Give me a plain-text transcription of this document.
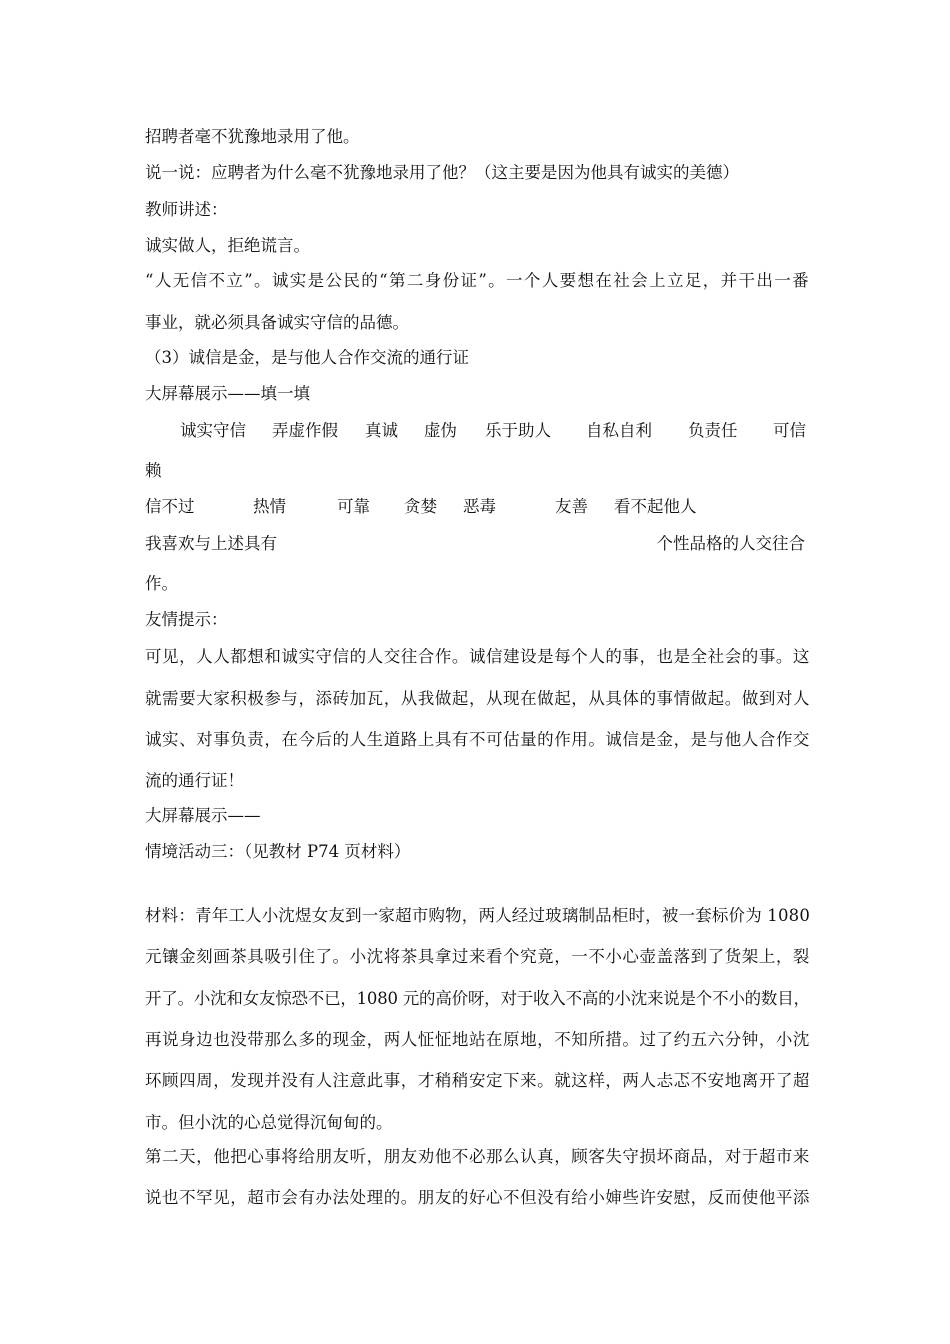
招聘者毫不犹豫地录用了他。
说一说：应聘者为什么毫不犹豫地录用了他？（这主要是因为他具有诚实的美德）
教师讲述：
诚实做人，拒绝谎言。
“人无信不立”。诚实是公民的“第二身份证”。一个人要想在社会上立足，并干出一番
事业，就必须具备诚实守信的品德。
（3）诚信是金，是与他人合作交流的通行证
大屏幕展示——填一填
诚实守信 弄虚作假 真诚 虚伪 乐于助人 自私自利 负责任 可信
赖
信不过	热情	可靠 贪婪 恶毒	友善 看不起他人
我喜欢与上述具有	个性品格的人交往合
作。
友情提示：
可见，人人都想和诚实守信的人交往合作。诚信建设是每个人的事，也是全社会的事。这
就需要大家积极参与，添砖加瓦，从我做起，从现在做起，从具体的事情做起。做到对人
诚实、对事负责，在今后的人生道路上具有不可估量的作用。诚信是金，是与他人合作交
流的通行证！
大屏幕展示——
情境活动三：（见教材 P74 页材料）
材料：青年工人小沈煜女友到一家超市购物，两人经过玻璃制品柜时，被一套标价为 1080
元镶金刻画茶具吸引住了。小沈将茶具拿过来看个究竟，一不小心壶盖落到了货架上，裂
开了。小沈和女友惊恐不已，1080 元的高价呀，对于收入不高的小沈来说是个不小的数目，
再说身边也没带那么多的现金，两人怔怔地站在原地，不知所措。过了约五六分钟，小沈
环顾四周，发现并没有人注意此事，才稍稍安定下来。就这样，两人忐忑不安地离开了超
市。但小沈的心总觉得沉甸甸的。
第二天，他把心事将给朋友听，朋友劝他不必那么认真，顾客失守损坏商品，对于超市来
说也不罕见，超市会有办法处理的。朋友的好心不但没有给小婶些许安慰，反而使他平添
